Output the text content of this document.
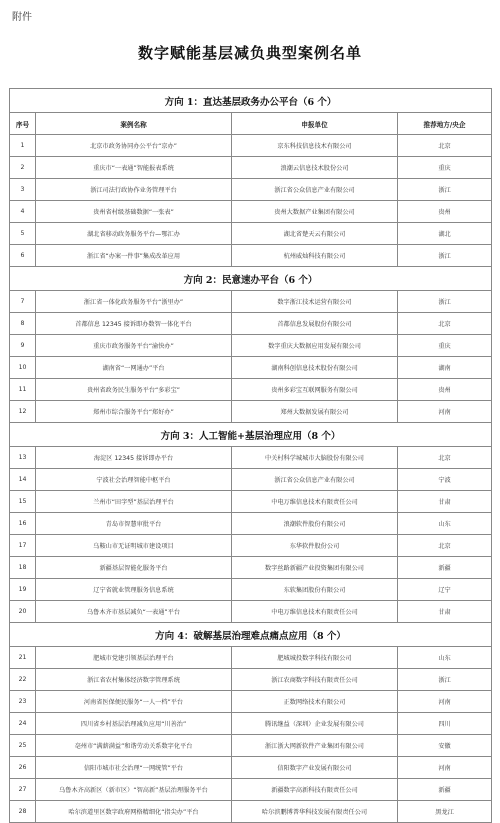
附件
数字赋能基层减负典型案例名单
方向 1：直达基层政务办公平台（6 个）			
序号	案例名称	申报单位	推荐地方/央企
1	北京市政务协同办公平台“京办”	京东科技信息技术有限公司	北京
2	重庆市“一表通”智能报表系统	浪潮云信息技术股份公司	重庆
3	浙江司法行政协作业务管理平台	浙江省公众信息产业有限公司	浙江
4	贵州省村级基础数据“一张表”	贵州大数据产业集团有限公司	贵州
5	湖北省移动政务服务平台—鄂汇办	湖北省楚天云有限公司	湖北
6	浙江省“办案一件事”集成改革应用	杭州威灿科技有限公司	浙江
方向 2：民意速办平台（6 个）			
7	浙江省一体化政务服务平台“浙里办”	数字浙江技术运营有限公司	浙江
8	首都信息 12345 接诉即办数智一体化平台	首都信息发展股份有限公司	北京
9	重庆市政务服务平台“渝快办”	数字重庆大数据应用发展有限公司	重庆
10	湖南省“一网通办”平台	湖南科创信息技术股份有限公司	湖南
11	贵州省政务民生服务平台“多彩宝”	贵州多彩宝互联网服务有限公司	贵州
12	郑州市综合服务平台“郑好办”	郑州大数据发展有限公司	河南
方向 3：人工智能+基层治理应用（8 个）			
13	海淀区 12345 接诉即办平台	中关村科学城城市大脑股份有限公司	北京
14	宁波社会治理智能中枢平台	浙江省公众信息产业有限公司	宁波
15	兰州市“田字型”基层治理平台	中电万维信息技术有限责任公司	甘肃
16	青岛市智慧审批平台	浪潮软件股份有限公司	山东
17	乌鞍山市无证明城市建设项目	东华软件股份公司	北京
18	新疆基层智能化服务平台	数字丝路新疆产业投资集团有限公司	新疆
19	辽宁省就业管理服务信息系统	东软集团股份有限公司	辽宁
20	乌鲁木齐市基层减负“一表通”平台	中电万维信息技术有限责任公司	甘肃
方向 4：破解基层治理难点痛点应用（8 个）			
21	肥城市党建引领基层治理平台	肥城城投数字科技有限公司	山东
22	浙江省农村集体经济数字管理系统	浙江农商数字科技有限责任公司	浙江
23	河南省医保便民服务“一人一档”平台	正数网络技术有限公司	河南
24	四川省乡村基层治理减负应用“川善治”	腾讯继益（深圳）企业发展有限公司	四川
25	亳州市“满薪满益”和谐劳动关系数字化平台	浙江浙大网新软件产业集团有限公司	安徽
26	信阳市城市社会治理“一网统管”平台	信阳数字产业发展有限公司	河南
27	乌鲁木齐高新区（新市区）“智高新”基层治理服务平台	新疆数字高新科技有限责任公司	新疆
28	哈尔滨道里区数字政府网格精细化“指尖办”平台	哈尔滨鹏博普华科技发展有限责任公司	黑龙江
